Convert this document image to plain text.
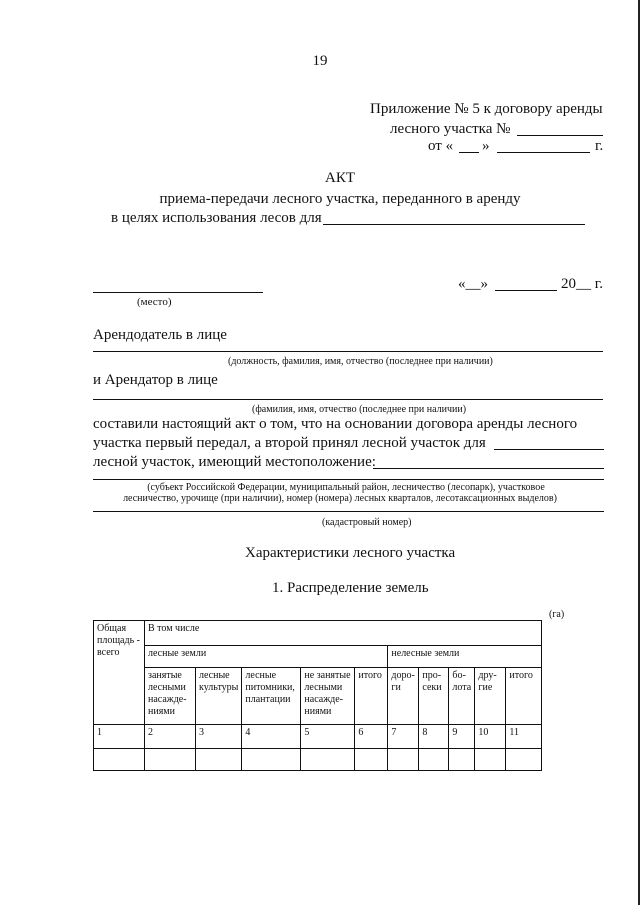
19
Приложение № 5 к договору аренды
лесного участка №
от « »	г.
АКТ
приема-передачи лесного участка, переданного в аренду
в целях использования лесов для
(место)
«__»	20__ г.
Арендодатель в лице
(должность, фамилия, имя, отчество (последнее при наличии)
и Арендатор в лице
(фамилия, имя, отчество (последнее при наличии)
составили настоящий акт о том, что на основании договора аренды лесного
участка первый передал, а второй принял лесной участок для
лесной участок, имеющий местоположение:
(субъект Российской Федерации, муниципальный район, лесничество (лесопарк), участковое
лесничество, урочище (при наличии), номер (номера) лесных кварталов, лесотаксационных выделов)
(кадастровый номер)
Характеристики лесного участка
1. Распределение земель
(га)
Общая площадь - всего	В том числе									
	лесные земли					нелесные земли				
	занятые лесными насажде-ниями	лесные культуры	лесные питомники, плантации	не занятые лесными насажде-ниями	итого	доро-ги	про-секи	бо-лота	дру-гие	итого
1	2	3	4	5	6	7	8	9	10	11
